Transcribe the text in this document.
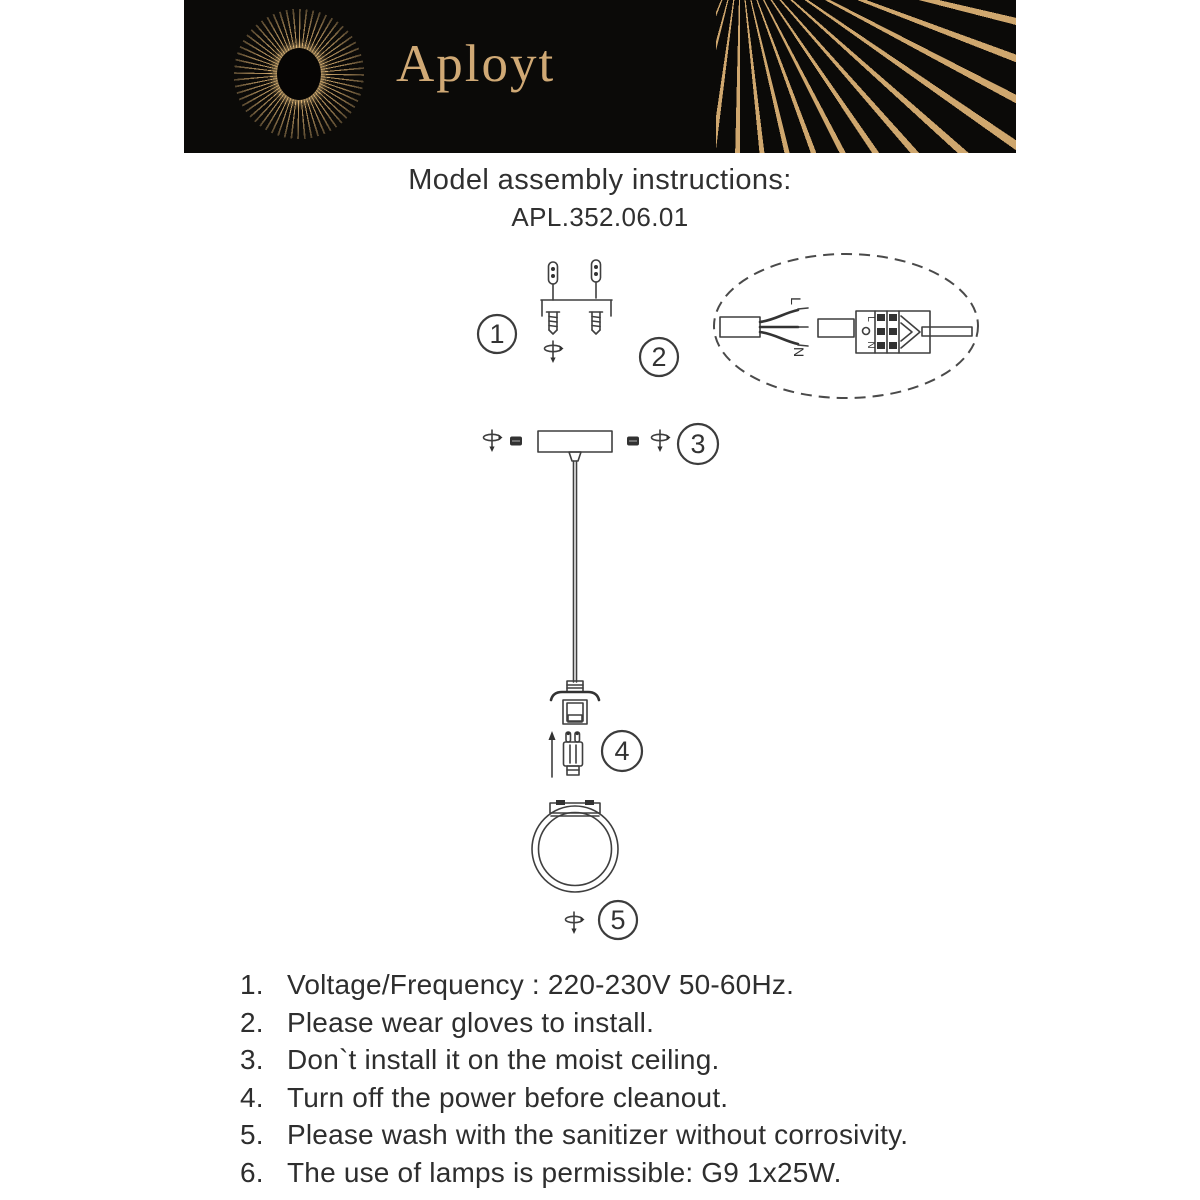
Aployt
Model assembly instructions:
APL.352.06.01
1
L
N
L
N
2
3
4
5
1. Voltage/Frequency : 220-230V 50-60Hz.
2. Please wear gloves to install.
3. Don`t install it on the moist ceiling.
4. Turn off the power before cleanout.
5. Please wash with the sanitizer without corrosivity.
6. The use of lamps is permissible: G9 1x25W.
